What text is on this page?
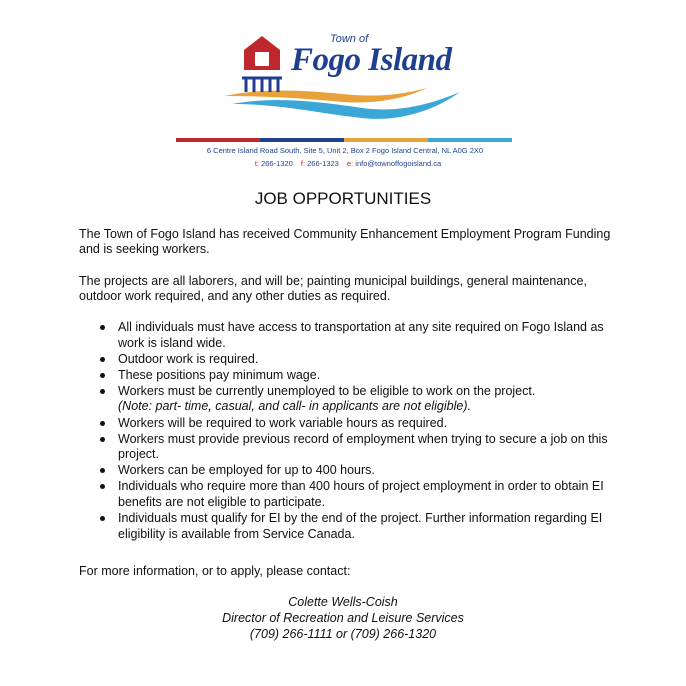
Town of
Fogo Island
6 Centre Island Road South, Site 5, Unit 2, Box 2 Fogo Island Central, NL A0G 2X0
t: 266-1320 f: 266-1323 e: info@townoffogoisland.ca
JOB OPPORTUNITIES
The Town of Fogo Island has received Community Enhancement Employment Program Funding and is seeking workers.
The projects are all laborers, and will be; painting municipal buildings, general maintenance, outdoor work required, and any other duties as required.
All individuals must have access to transportation at any site required on Fogo Island as work is island wide.
Outdoor work is required.
These positions pay minimum wage.
Workers must be currently unemployed to be eligible to work on the project.
(Note: part- time, casual, and call- in applicants are not eligible).
Workers will be required to work variable hours as required.
Workers must provide previous record of employment when trying to secure a job on this project.
Workers can be employed for up to 400 hours.
Individuals who require more than 400 hours of project employment in order to obtain EI benefits are not eligible to participate.
Individuals must qualify for EI by the end of the project. Further information regarding EI eligibility is available from Service Canada.
For more information, or to apply, please contact:
Colette Wells-Coish
Director of Recreation and Leisure Services
(709) 266-1111 or (709) 266-1320
